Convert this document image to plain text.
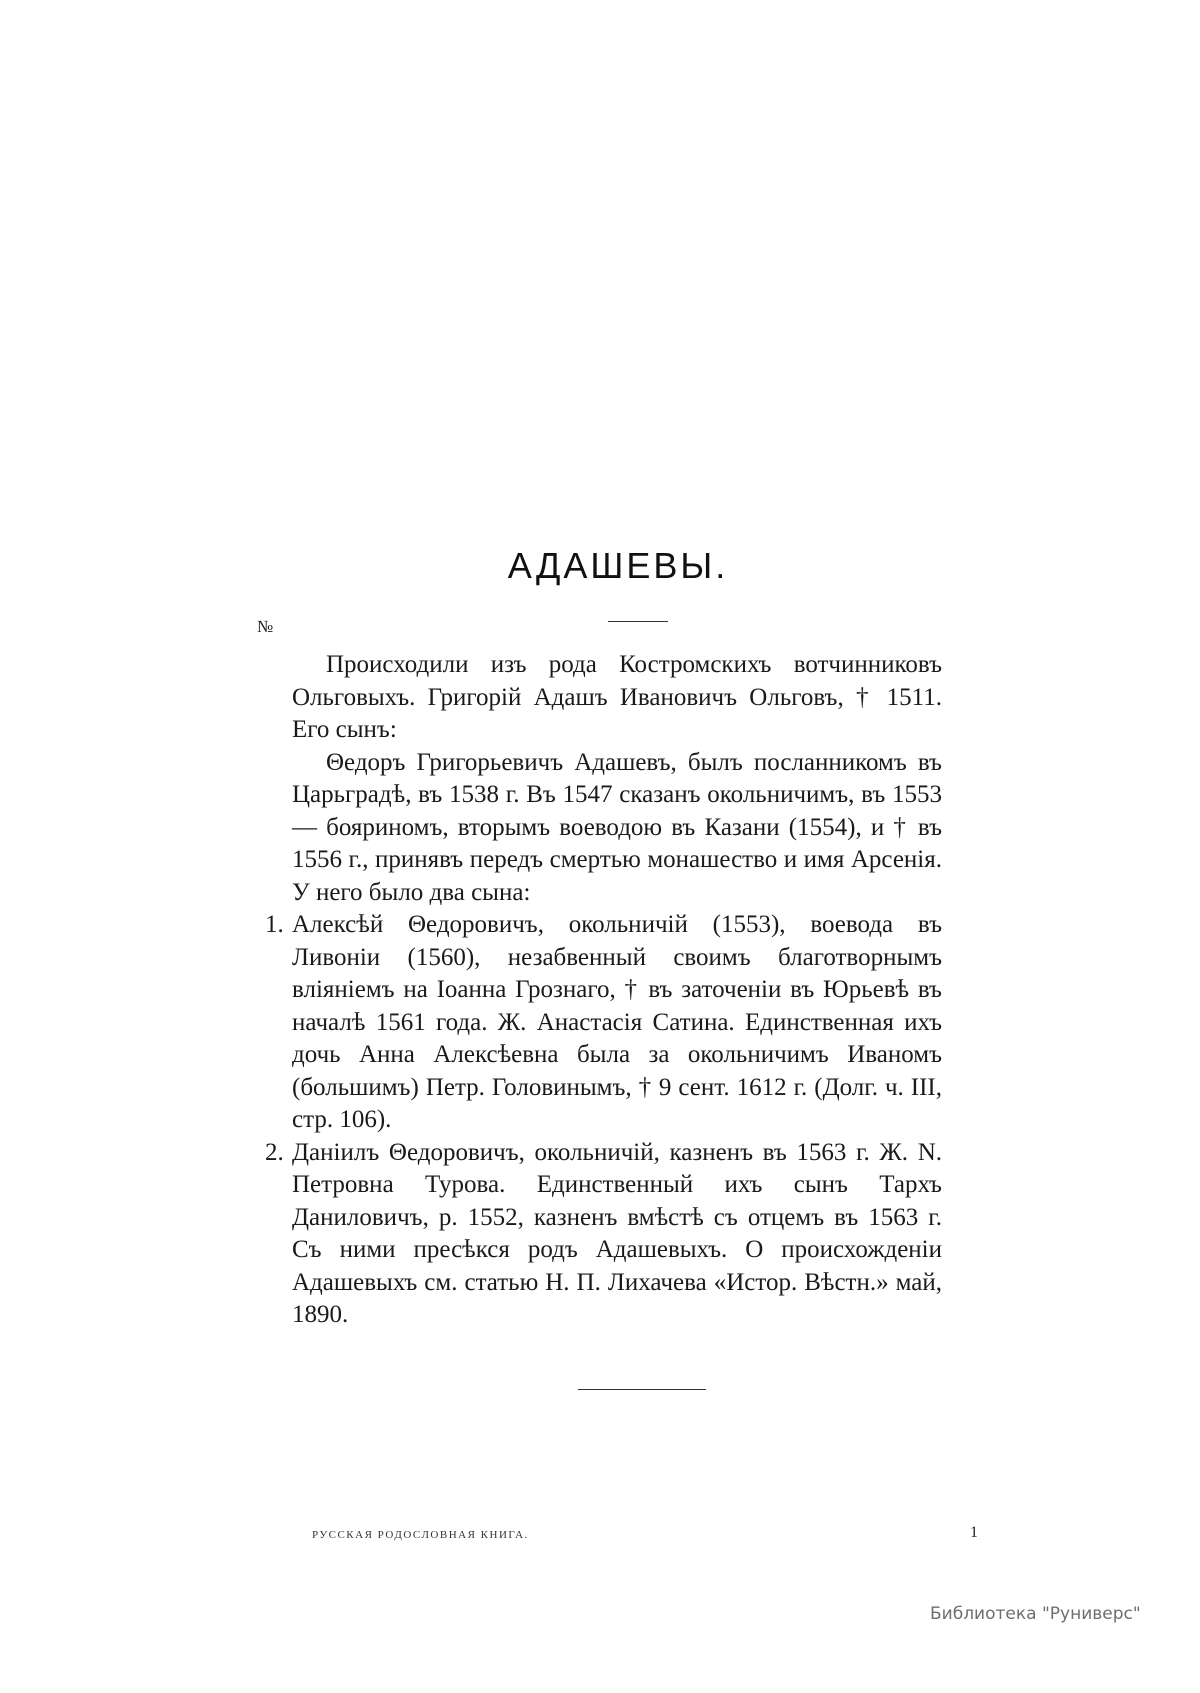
АДАШЕВЫ.
№

Происходили изъ рода Костромскихъ вотчинниковъ Ольговыхъ. Григорій Адашъ Ивановичъ Ольговъ, † 1511. Его сынъ:

Θедоръ Григорьевичъ Адашевъ, былъ посланникомъ въ Царьградѣ, въ 1538 г. Въ 1547 сказанъ окольничимъ, въ 1553 — бояриномъ, вторымъ воеводою въ Казани (1554), и † въ 1556 г., принявъ передъ смертью монашество и имя Арсенія. У него было два сына:

1. Алексѣй Θедоровичъ, окольничій (1553), воевода въ Ливоніи (1560), незабвенный своимъ благотворнымъ вліяніемъ на Іоанна Грознаго, † въ заточеніи въ Юрьевѣ въ началѣ 1561 года. Ж. Анастасія Сатина. Единственная ихъ дочь Анна Алексѣевна была за окольничимъ Иваномъ (большимъ) Петр. Головинымъ, † 9 сент. 1612 г. (Долг. ч. III, стр. 106).
2. Даніилъ Θедоровичъ, окольничій, казненъ въ 1563 г. Ж. N. Петровна Турова. Единственный ихъ сынъ Тархъ Даниловичъ, р. 1552, казненъ вмѣстѣ съ отцемъ въ 1563 г. Съ ними пресѣкся родъ Адашевыхъ. О происхожденіи Адашевыхъ см. статью Н. П. Лихачева «Истор. Вѣстн.» май, 1890.
РУССКАЯ РОДОСЛОВНАЯ КНИГА.	1
Библиотека "Руниверс"
